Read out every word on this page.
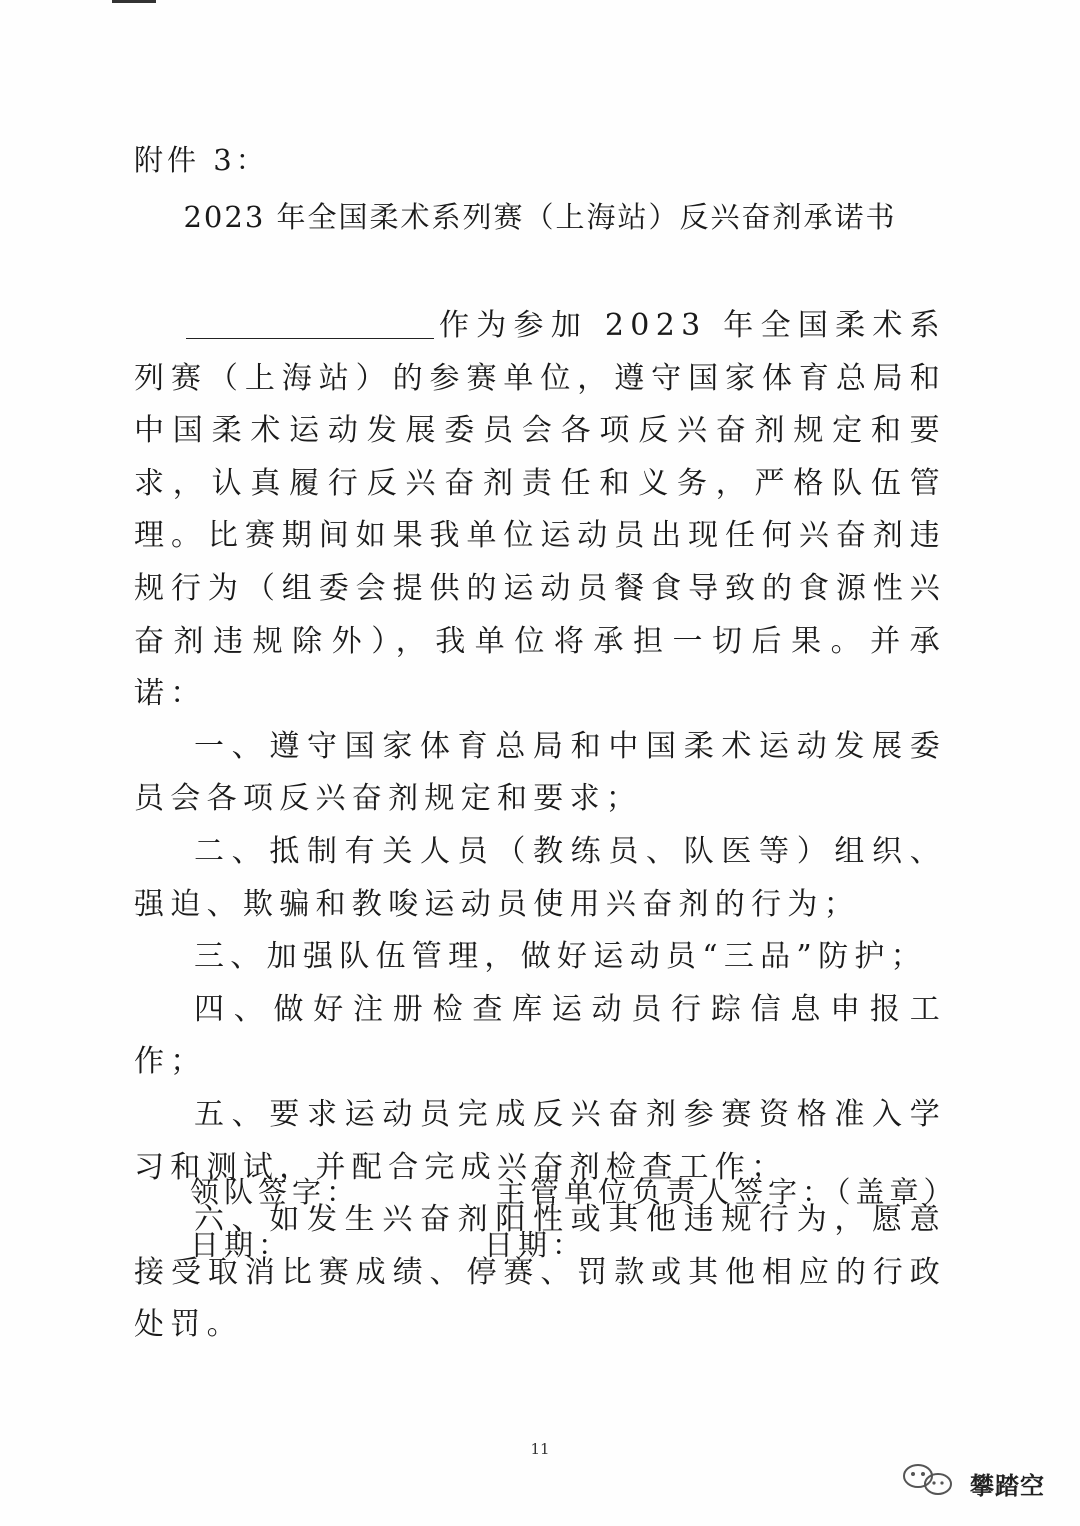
附件 3：
2023 年全国柔术系列赛（上海站）反兴奋剂承诺书

作为参加 2023 年全国柔术系列赛（上海站）的参赛单位，遵守国家体育总局和中国柔术运动发展委员会各项反兴奋剂规定和要求，认真履行反兴奋剂责任和义务，严格队伍管理。比赛期间如果我单位运动员出现任何兴奋剂违规行为（组委会提供的运动员餐食导致的食源性兴奋剂违规除外），我单位将承担一切后果。并承诺：

一、遵守国家体育总局和中国柔术运动发展委员会各项反兴奋剂规定和要求；

二、抵制有关人员（教练员、队医等）组织、强迫、欺骗和教唆运动员使用兴奋剂的行为；

三、加强队伍管理，做好运动员“三品”防护；

四、做好注册检查库运动员行踪信息申报工作；

五、要求运动员完成反兴奋剂参赛资格准入学习和测试，并配合完成兴奋剂检查工作；

六、如发生兴奋剂阳性或其他违规行为，愿意接受取消比赛成绩、停赛、罚款或其他相应的行政处罚。

领队签字：	主管单位负责人签字：（盖章）
日期：	日期：
11
攀踏空
